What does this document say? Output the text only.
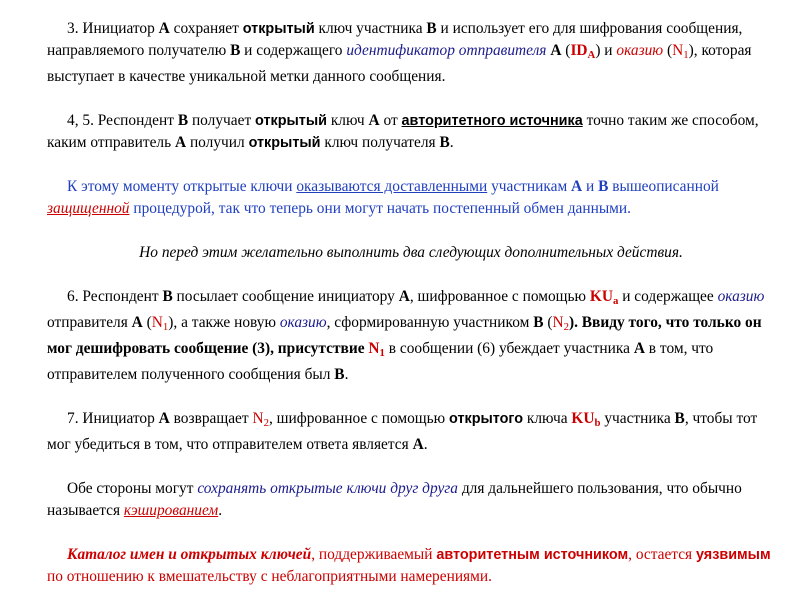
3. Инициатор А сохраняет открытый ключ участника В и использует его для шифрования сообщения, направляемого получателю В и содержащего идентификатор отправителя А $(ID_A)$ и оказию $(N_1)$, которая выступает в качестве уникальной метки данного сообщения.

4, 5. Респондент В получает открытый ключ А от авторитетного источника точно таким же способом, каким отправитель А получил открытый ключ получателя В.

К этому моменту открытые ключи оказываются доставленными участникам А и В вышеописанной защищенной процедурой, так что теперь они могут начать постепенный обмен данными.

Но перед этим желательно выполнить два следующих дополнительных действия.

6. Респондент В посылает сообщение инициатору А, шифрованное с помощью $KU_a$ и содержащее оказию отправителя А $(N_1)$, а также новую оказию, сформированную участником В $(N_2)$. Ввиду того, что только он мог дешифровать сообщение (3), присутствие $N_1$ в сообщении (6) убеждает участника А в том, что отправителем полученного сообщения был В.

7. Инициатор А возвращает $N_2$, шифрованное с помощью открытого ключа $KU_b$ участника В, чтобы тот мог убедиться в том, что отправителем ответа является А.

Обе стороны могут сохранять открытые ключи друг друга для дальнейшего пользования, что обычно называется кэшированием.

Каталог имен и открытых ключей, поддерживаемый авторитетным источником, остается уязвимым по отношению к вмешательству с неблагоприятными намерениями.
